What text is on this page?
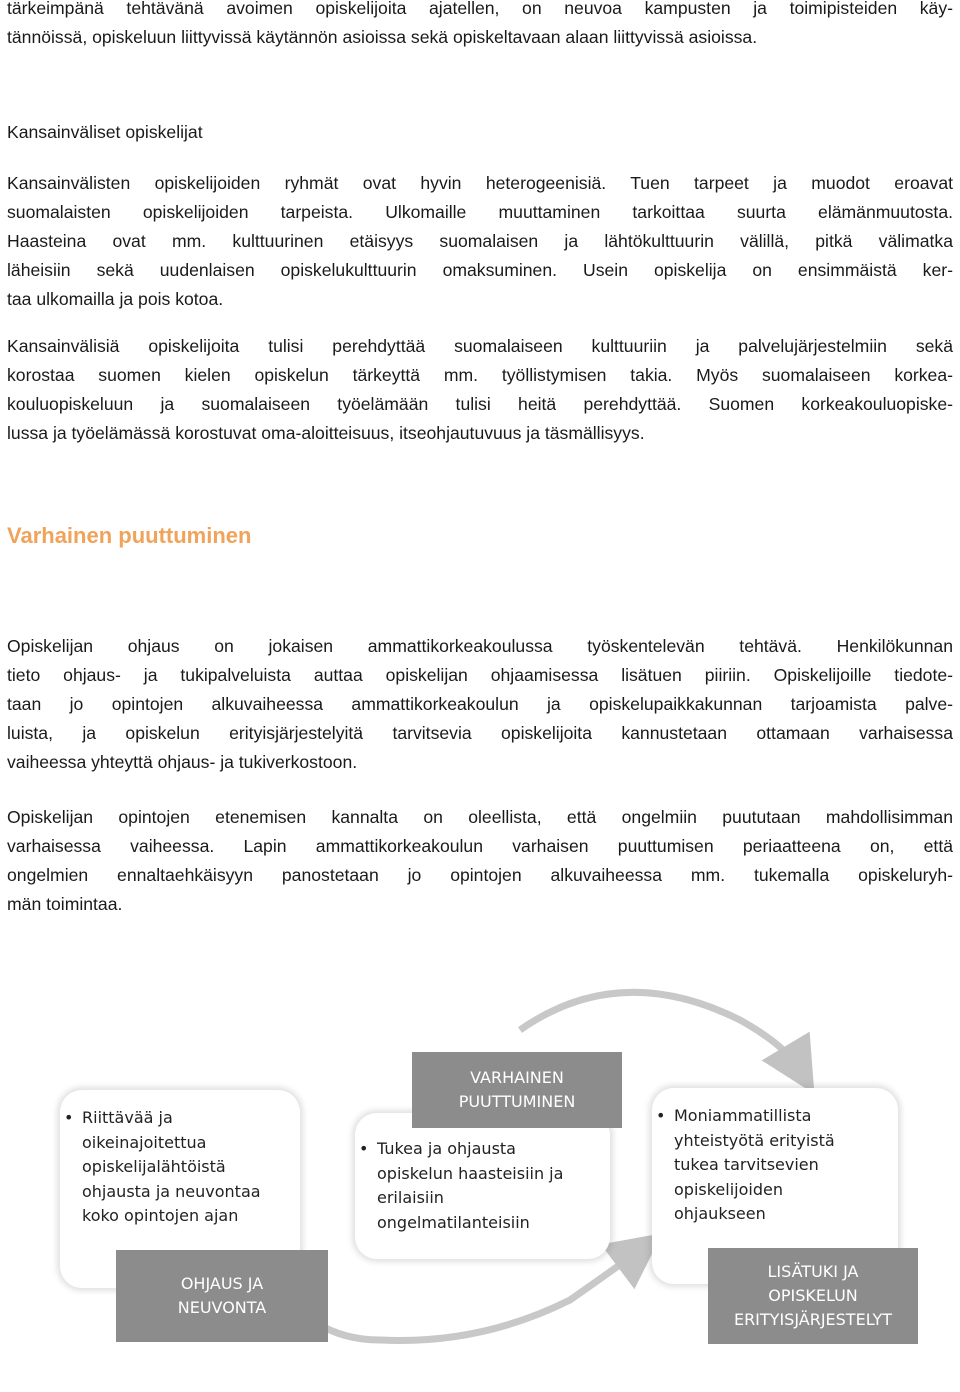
tärkeimpänä tehtävänä avoimen opiskelijoita ajatellen, on neuvoa kampusten ja toimipisteiden käy-
tännöissä, opiskeluun liittyvissä käytännön asioissa sekä opiskeltavaan alaan liittyvissä asioissa.
Kansainväliset opiskelijat
Kansainvälisten opiskelijoiden ryhmät ovat hyvin heterogeenisiä. Tuen tarpeet ja muodot eroavat
suomalaisten opiskelijoiden tarpeista. Ulkomaille muuttaminen tarkoittaa suurta elämänmuutosta.
Haasteina ovat mm. kulttuurinen etäisyys suomalaisen ja lähtökulttuurin välillä, pitkä välimatka
läheisiin sekä uudenlaisen opiskelukulttuurin omaksuminen. Usein opiskelija on ensimmäistä ker-
taa ulkomailla ja pois kotoa.
Kansainvälisiä opiskelijoita tulisi perehdyttää suomalaiseen kulttuuriin ja palvelujärjestelmiin sekä
korostaa suomen kielen opiskelun tärkeyttä mm. työllistymisen takia. Myös suomalaiseen korkea-
kouluopiskeluun ja suomalaiseen työelämään tulisi heitä perehdyttää. Suomen korkeakouluopiske-
lussa ja työelämässä korostuvat oma-aloitteisuus, itseohjautuvuus ja täsmällisyys.
Varhainen puuttuminen
Opiskelijan ohjaus on jokaisen ammattikorkeakoulussa työskentelevän tehtävä. Henkilökunnan
tieto ohjaus- ja tukipalveluista auttaa opiskelijan ohjaamisessa lisätuen piiriin. Opiskelijoille tiedote-
taan jo opintojen alkuvaiheessa ammattikorkeakoulun ja opiskelupaikkakunnan tarjoamista palve-
luista, ja opiskelun erityisjärjestelyitä tarvitsevia opiskelijoita kannustetaan ottamaan varhaisessa
vaiheessa yhteyttä ohjaus- ja tukiverkostoon.
Opiskelijan opintojen etenemisen kannalta on oleellista, että ongelmiin puututaan mahdollisimman
varhaisessa vaiheessa. Lapin ammattikorkeakoulun varhaisen puuttumisen periaatteena on, että
ongelmien ennaltaehkäisyyn panostetaan jo opintojen alkuvaiheessa mm. tukemalla opiskeluryh-
män toimintaa.
• Riittävää ja
oikeinajoitettua
opiskelijalähtöistä
ohjausta ja neuvontaa
koko opintojen ajan
OHJAUS JA
NEUVONTA
• Tukea ja ohjausta
opiskelun haasteisiin ja
erilaisiin
ongelmatilanteisiin
VARHAINEN
PUUTTUMINEN
• Moniammatillista
yhteistyötä erityistä
tukea tarvitsevien
opiskelijoiden
ohjaukseen
LISÄTUKI JA
OPISKELUN
ERITYISJÄRJESTELYT
